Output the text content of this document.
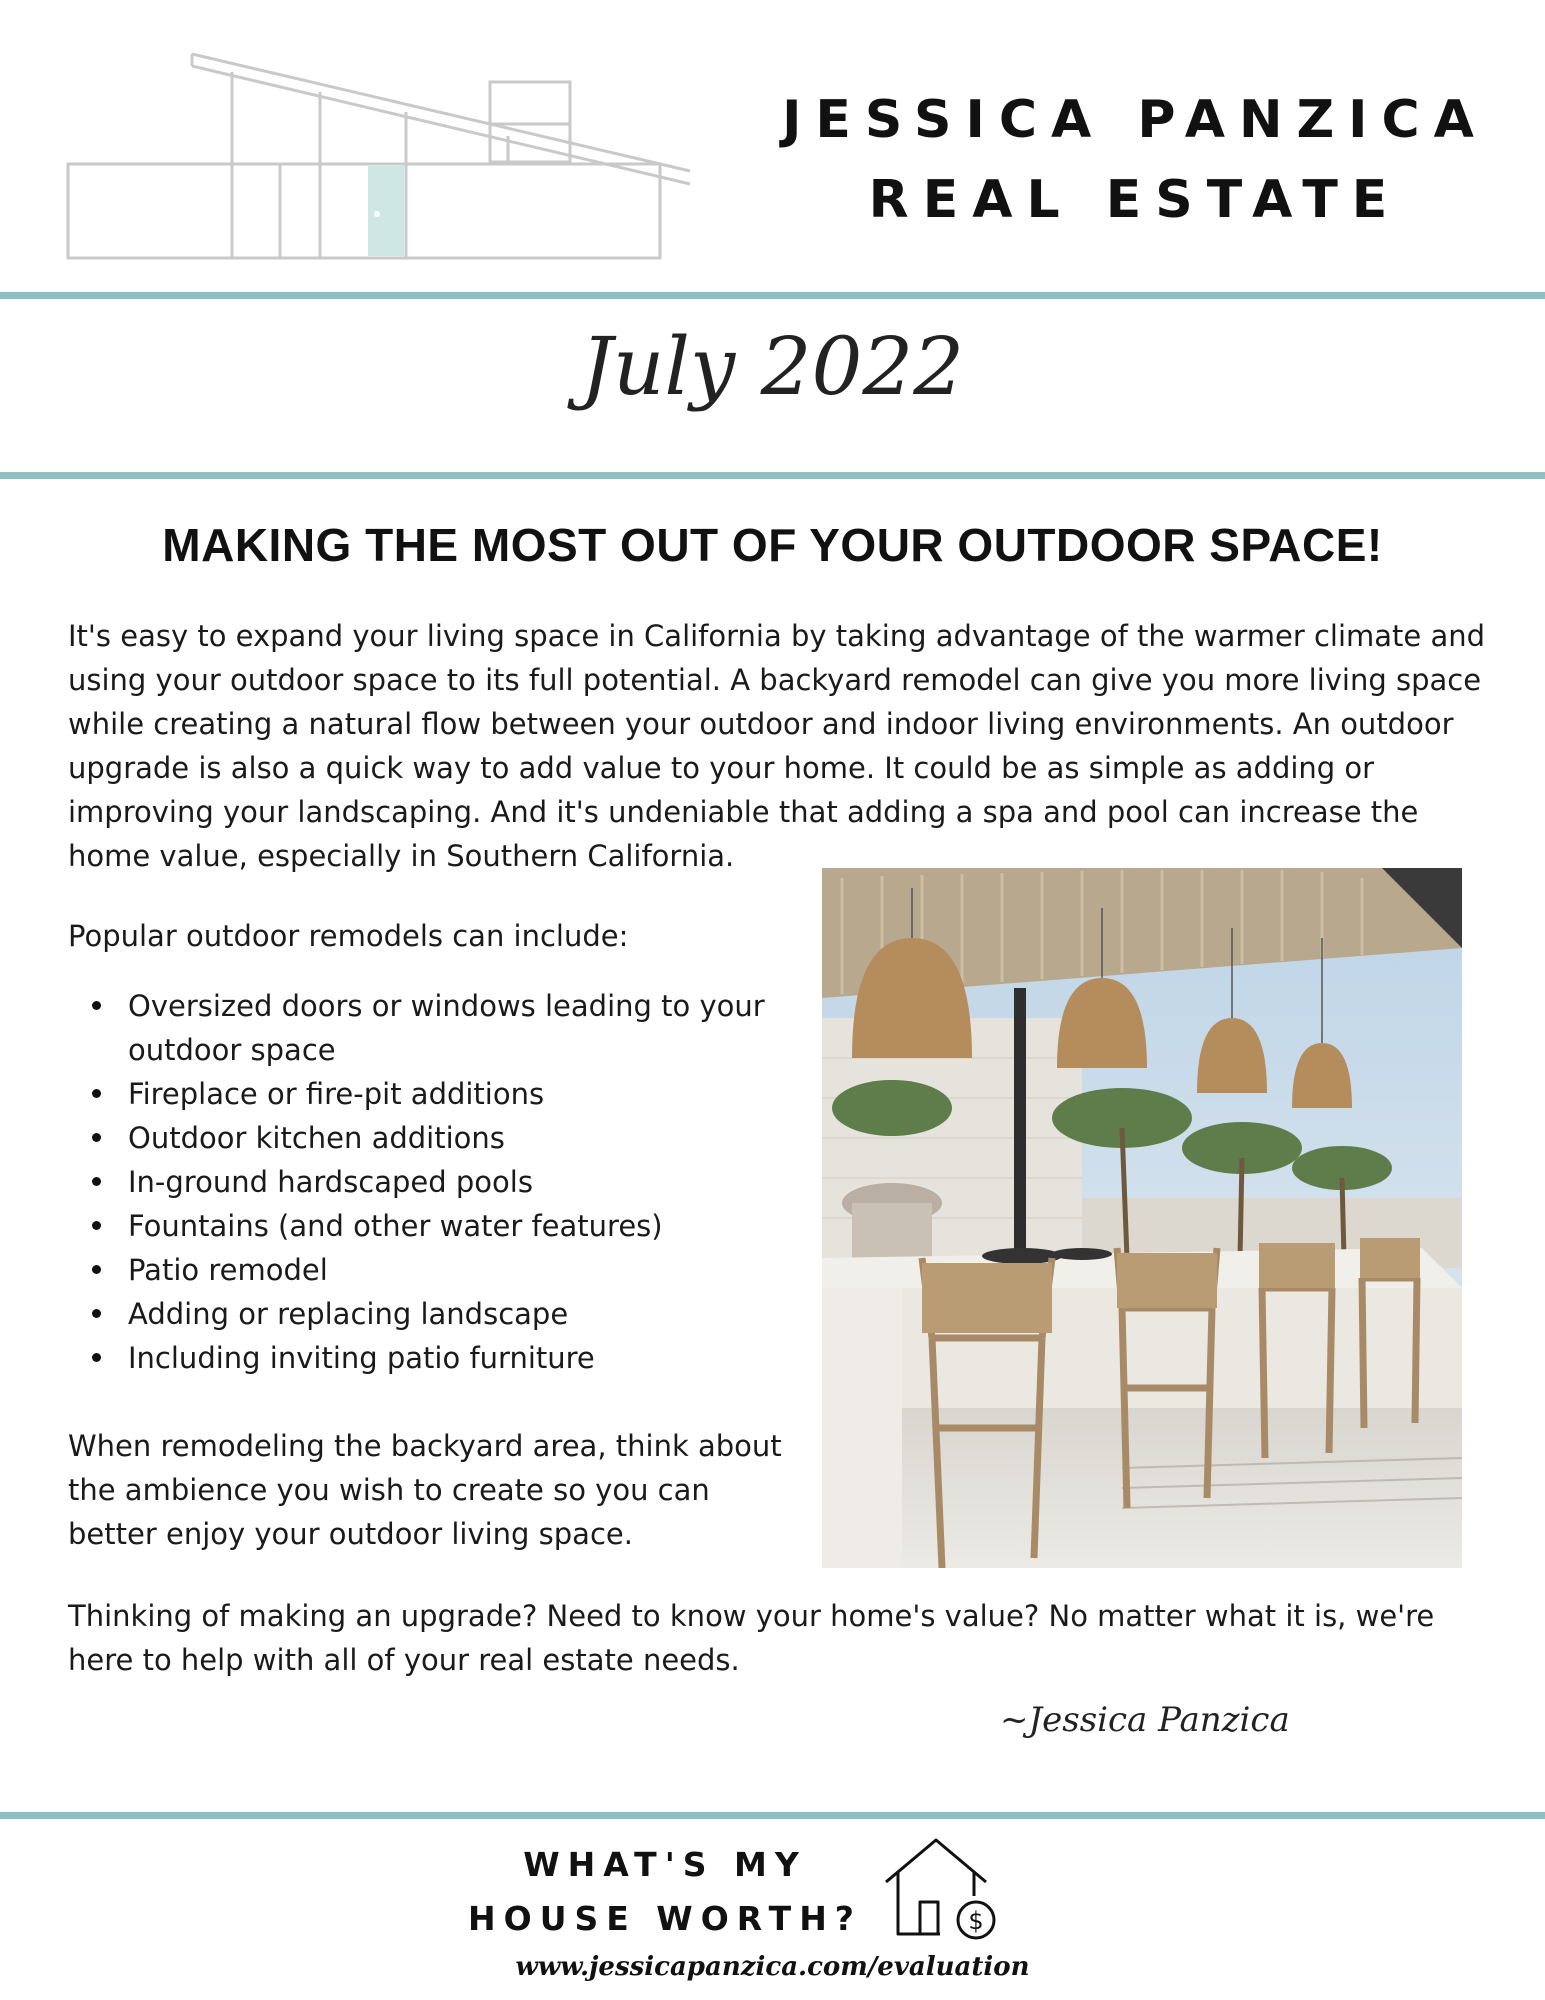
JESSICA PANZICA
REAL ESTATE
July 2022
MAKING THE MOST OUT OF YOUR OUTDOOR SPACE!
It's easy to expand your living space in California by taking advantage of the warmer climate and using your outdoor space to its full potential. A backyard remodel can give you more living space while creating a natural flow between your outdoor and indoor living environments. An outdoor upgrade is also a quick way to add value to your home. It could be as simple as adding or improving your landscaping. And it's undeniable that adding a spa and pool can increase the home value, especially in Southern California.
Popular outdoor remodels can include:
Oversized doors or windows leading to your outdoor space
Fireplace or fire-pit additions
Outdoor kitchen additions
In-ground hardscaped pools
Fountains (and other water features)
Patio remodel
Adding or replacing landscape
Including inviting patio furniture
When remodeling the backyard area, think about the ambience you wish to create so you can better enjoy your outdoor living space.
Thinking of making an upgrade? Need to know your home's value? No matter what it is, we're here to help with all of your real estate needs.
~Jessica Panzica
WHAT'S MY
HOUSE WORTH?	$
www.jessicapanzica.com/evaluation
